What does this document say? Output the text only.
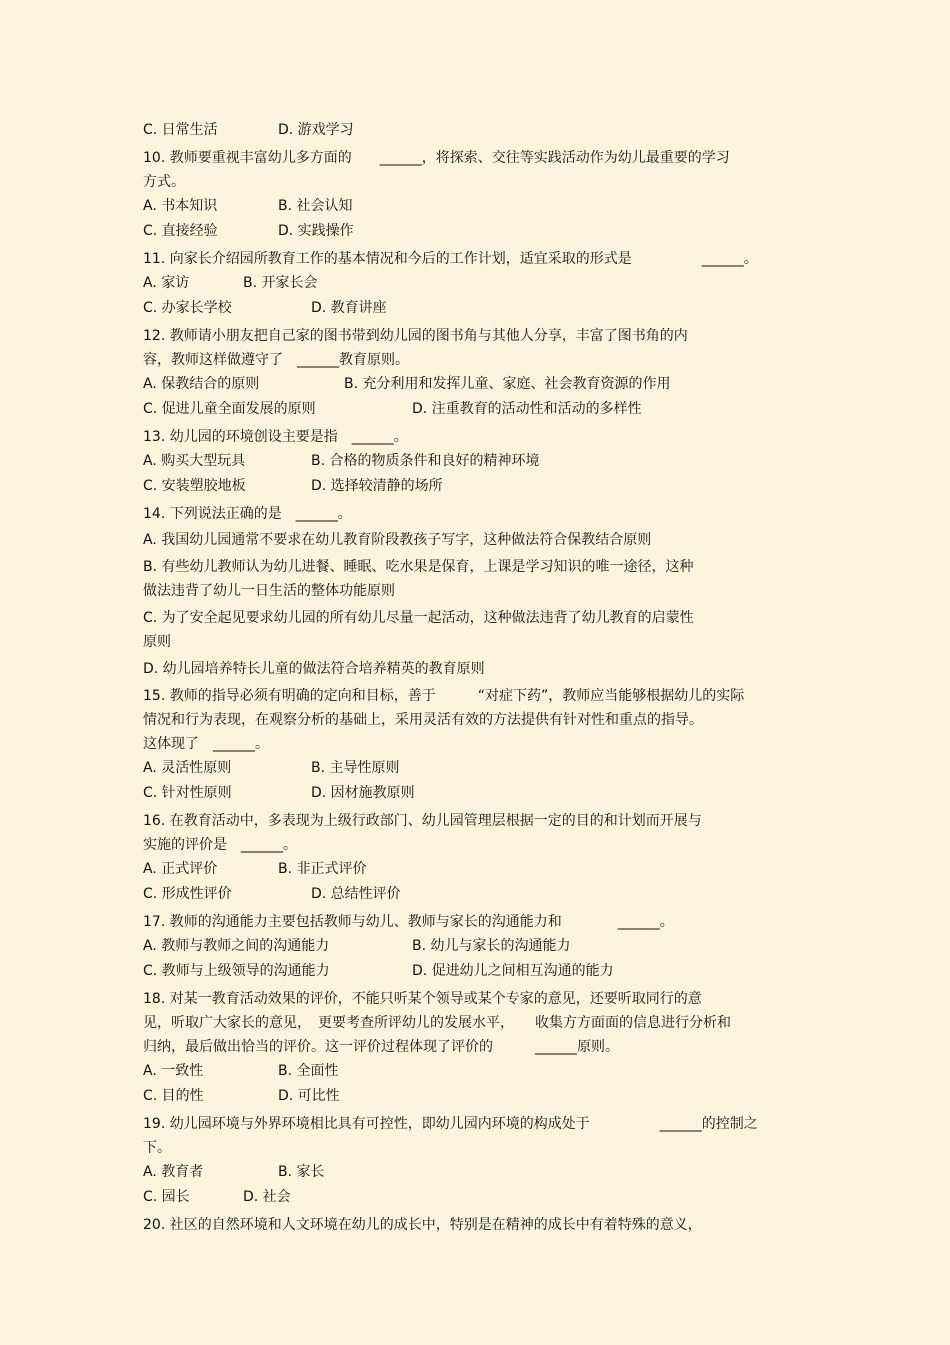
C. 日常生活	D. 游戏学习
10. 教师要重视丰富幼儿多方面的　　______，将探索、交往等实践活动作为幼儿最重要的学习
方式。
A. 书本知识	B. 社会认知
C. 直接经验	D. 实践操作
11. 向家长介绍园所教育工作的基本情况和今后的工作计划，适宜采取的形式是　　　　　______。
A. 家访	B. 开家长会
C. 办家长学校	D. 教育讲座
12. 教师请小朋友把自己家的图书带到幼儿园的图书角与其他人分享，丰富了图书角的内
容，教师这样做遵守了　______教育原则。
A. 保教结合的原则	B. 充分利用和发挥儿童、家庭、社会教育资源的作用
C. 促进儿童全面发展的原则	D. 注重教育的活动性和活动的多样性
13. 幼儿园的环境创设主要是指　______。
A. 购买大型玩具	B. 合格的物质条件和良好的精神环境
C. 安装塑胶地板	D. 选择较清静的场所
14. 下列说法正确的是　______。
A. 我国幼儿园通常不要求在幼儿教育阶段教孩子写字，这种做法符合保教结合原则
B. 有些幼儿教师认为幼儿进餐、睡眠、吃水果是保育，上课是学习知识的唯一途径，这种
做法违背了幼儿一日生活的整体功能原则
C. 为了安全起见要求幼儿园的所有幼儿尽量一起活动，这种做法违背了幼儿教育的启蒙性
原则
D. 幼儿园培养特长儿童的做法符合培养精英的教育原则
15. 教师的指导必须有明确的定向和目标，善于　　　“对症下药”，教师应当能够根据幼儿的实际
情况和行为表现，在观察分析的基础上，采用灵活有效的方法提供有针对性和重点的指导。
这体现了　______。
A. 灵活性原则	B. 主导性原则
C. 针对性原则	D. 因材施教原则
16. 在教育活动中，多表现为上级行政部门、幼儿园管理层根据一定的目的和计划而开展与
实施的评价是　______。
A. 正式评价	B. 非正式评价
C. 形成性评价	D. 总结性评价
17. 教师的沟通能力主要包括教师与幼儿、教师与家长的沟通能力和　　　　______。
A. 教师与教师之间的沟通能力	B. 幼儿与家长的沟通能力
C. 教师与上级领导的沟通能力	D. 促进幼儿之间相互沟通的能力
18. 对某一教育活动效果的评价，不能只听某个领导或某个专家的意见，还要听取同行的意
见，听取广大家长的意见，　更要考查所评幼儿的发展水平，　　收集方方面面的信息进行分析和
归纳，最后做出恰当的评价。这一评价过程体现了评价的　　　______原则。
A. 一致性	B. 全面性
C. 目的性	D. 可比性
19. 幼儿园环境与外界环境相比具有可控性，即幼儿园内环境的构成处于　　　　　______的控制之
下。
A. 教育者	B. 家长
C. 园长	D. 社会
20. 社区的自然环境和人文环境在幼儿的成长中，特别是在精神的成长中有着特殊的意义，
